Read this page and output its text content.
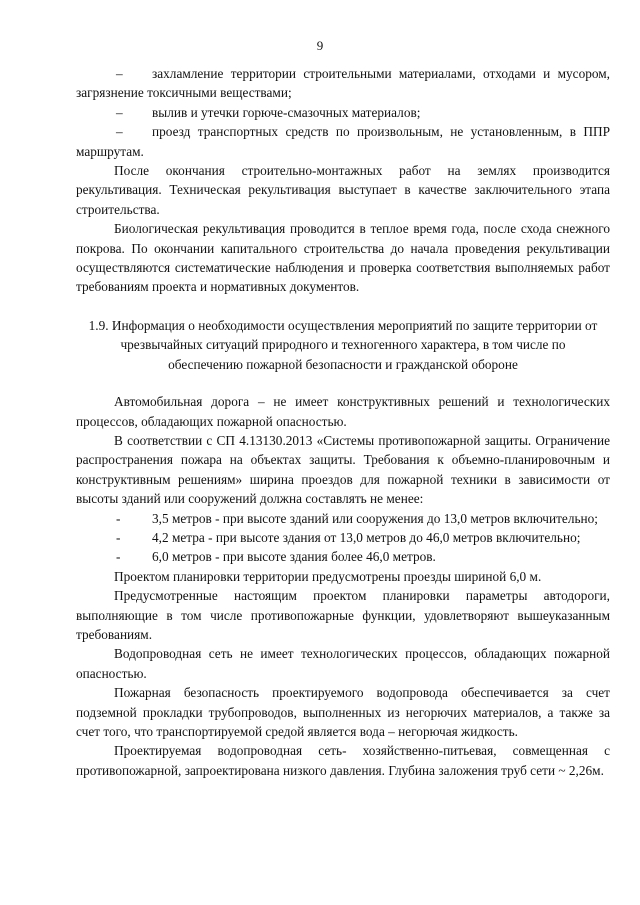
9

– захламление территории строительными материалами, отходами и мусором, загрязнение токсичными веществами;

– вылив и утечки горюче-смазочных материалов;

– проезд транспортных средств по произвольным, не установленным, в ППР маршрутам.

После окончания строительно-монтажных работ на землях производится рекультивация. Техническая рекультивация выступает в качестве заключительного этапа строительства.

Биологическая рекультивация проводится в теплое время года, после схода снежного покрова. По окончании капитального строительства до начала проведения рекультивации осуществляются систематические наблюдения и проверка соответствия выполняемых работ требованиям проекта и нормативных документов.

1.9. Информация о необходимости осуществления мероприятий по защите территории от чрезвычайных ситуаций природного и техногенного характера, в том числе по обеспечению пожарной безопасности и гражданской обороне

Автомобильная дорога – не имеет конструктивных решений и технологических процессов, обладающих пожарной опасностью.

В соответствии с СП 4.13130.2013 «Системы противопожарной защиты. Ограничение распространения пожара на объектах защиты. Требования к объемно-планировочным и конструктивным решениям» ширина проездов для пожарной техники в зависимости от высоты зданий или сооружений должна составлять не менее:

- 3,5 метров - при высоте зданий или сооружения до 13,0 метров включительно;

- 4,2 метра - при высоте здания от 13,0 метров до 46,0 метров включительно;

- 6,0 метров - при высоте здания более 46,0 метров.

Проектом планировки территории предусмотрены проезды шириной 6,0 м.

Предусмотренные настоящим проектом планировки параметры автодороги, выполняющие в том числе противопожарные функции, удовлетворяют вышеуказанным требованиям.

Водопроводная сеть не имеет технологических процессов, обладающих пожарной опасностью.

Пожарная безопасность проектируемого водопровода обеспечивается за счет подземной прокладки трубопроводов, выполненных из негорючих материалов, а также за счет того, что транспортируемой средой является вода – негорючая жидкость.

Проектируемая водопроводная сеть- хозяйственно-питьевая, совмещенная с противопожарной, запроектирована низкого давления. Глубина заложения труб сети ~ 2,26м.
